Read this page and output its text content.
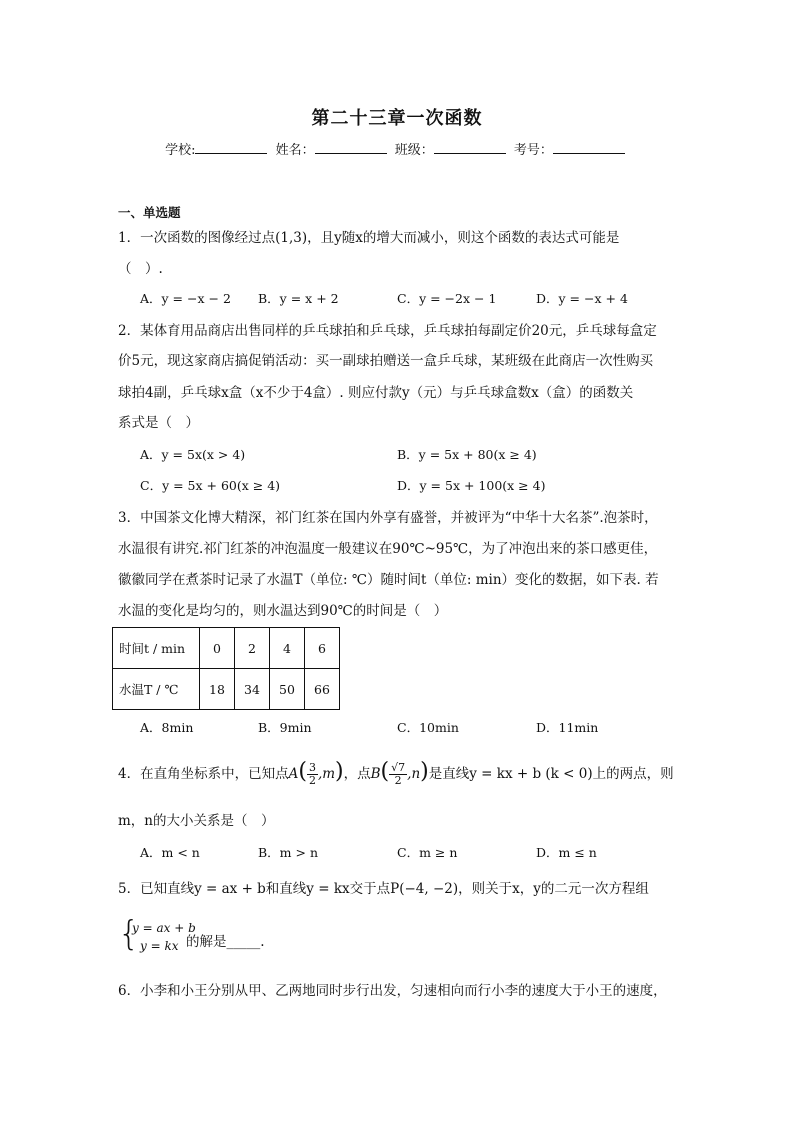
第二十三章一次函数
学校:	姓名：	班级：	考号：
一、单选题
1．一次函数的图像经过点(1,3)，且y随x的增大而减小，则这个函数的表达式可能是
（　）.
A．y = −x − 2 B．y = x + 2	C．y = −2x − 1	D．y = −x + 4
2．某体育用品商店出售同样的乒乓球拍和乒乓球，乒乓球拍每副定价20元，乒乓球每盒定
价5元，现这家商店搞促销活动：买一副球拍赠送一盒乒乓球，某班级在此商店一次性购买
球拍4副，乒乓球x盒（x不少于4盒）. 则应付款y（元）与乒乓球盒数x（盒）的函数关
系式是（　）
A．y = 5x(x > 4)	B．y = 5x + 80(x ≥ 4)
C．y = 5x + 60(x ≥ 4)	D．y = 5x + 100(x ≥ 4)
3．中国茶文化博大精深，祁门红茶在国内外享有盛誉，并被评为“中华十大名茶”.泡茶时，
水温很有讲究.祁门红茶的冲泡温度一般建议在90℃~95℃，为了冲泡出来的茶口感更佳，
徽徽同学在煮茶时记录了水温T（单位: ℃）随时间t（单位: min）变化的数据，如下表. 若
水温的变化是均匀的，则水温达到90℃的时间是（　）
时间t / min	0	2	4	6
水温T / ℃	18	34	50	66
A．8min	B．9min	C．10min	D．11min
4．在直角坐标系中，已知点$A( \frac{3}{2} ,m)$，点$B( \frac{√7}{2} ,n)$是直线y = kx + b (k < 0)上的两点，则
m，n的大小关系是（　）
A．m < n	B．m > n	C．m ≥ n	D．m ≤ n
5．已知直线y = ax + b和直线y = kx交于点P(−4, −2)，则关于x，y的二元一次方程组
{
y = ax + b
y = kx 的解是_____.
6．小李和小王分别从甲、乙两地同时步行出发，匀速相向而行小李的速度大于小王的速度，
